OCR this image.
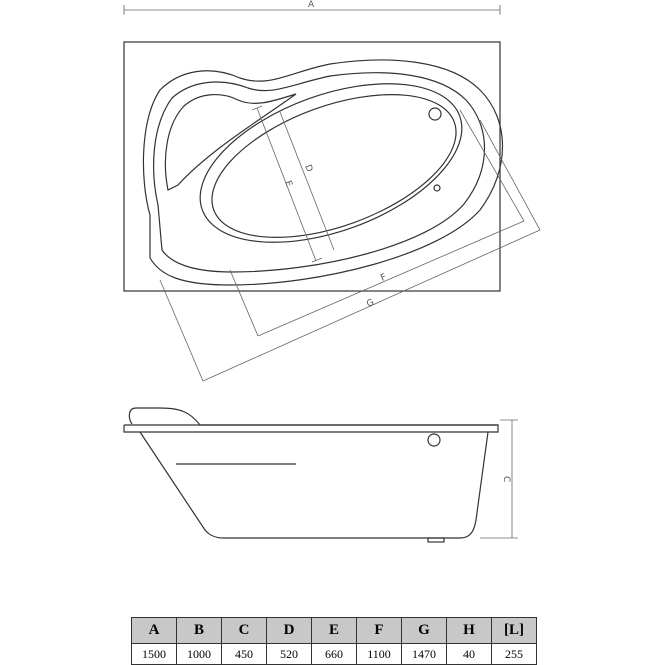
A
D
E
F
G
C
A	B	C	D	E	F	G	H	[L]
1500	1000	450	520	660	1100	1470	40	255
